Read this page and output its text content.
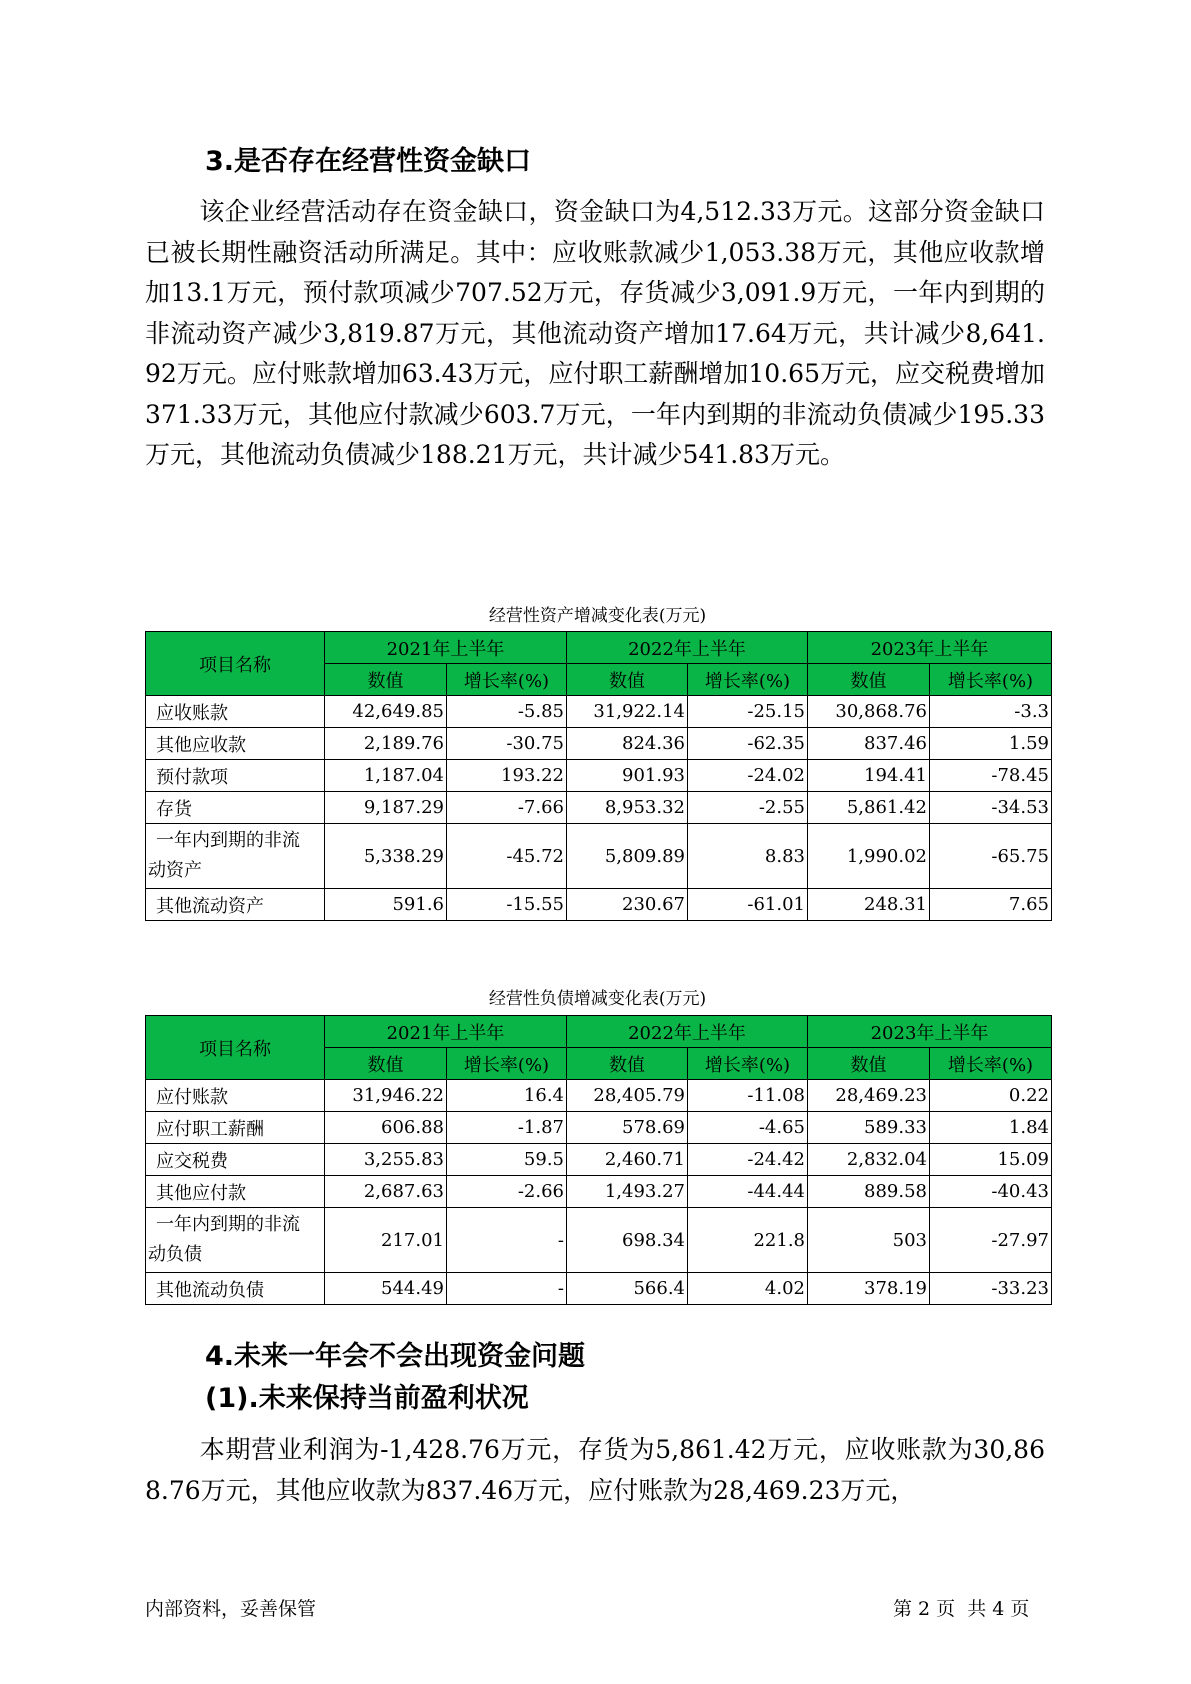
3.是否存在经营性资金缺口

该企业经营活动存在资金缺口，资金缺口为4,512.33万元。这部分资金缺口已被长期性融资活动所满足。其中：应收账款减少1,053.38万元，其他应收款增加13.1万元，预付款项减少707.52万元，存货减少3,091.9万元，一年内到期的非流动资产减少3,819.87万元，其他流动资产增加17.64万元，共计减少8,641.92万元。应付账款增加63.43万元，应付职工薪酬增加10.65万元，应交税费增加371.33万元，其他应付款减少603.7万元，一年内到期的非流动负债减少195.33万元，其他流动负债减少188.21万元，共计减少541.83万元。

经营性资产增减变化表(万元)
项目名称	2021年上半年		2022年上半年		2023年上半年	
	数值	增长率(%)	数值	增长率(%)	数值	增长率(%)
应收账款	42,649.85	-5.85	31,922.14	-25.15	30,868.76	-3.3
其他应收款	2,189.76	-30.75	824.36	-62.35	837.46	1.59
预付款项	1,187.04	193.22	901.93	-24.02	194.41	-78.45
存货	9,187.29	-7.66	8,953.32	-2.55	5,861.42	-34.53

一年内到期的非流
动资产	5,338.29	-45.72	5,809.89	8.83	1,990.02	-65.75
其他流动资产	591.6	-15.55	230.67	-61.01	248.31	7.65
经营性负债增减变化表(万元)
项目名称	2021年上半年		2022年上半年		2023年上半年	
	数值	增长率(%)	数值	增长率(%)	数值	增长率(%)
应付账款	31,946.22	16.4	28,405.79	-11.08	28,469.23	0.22
应付职工薪酬	606.88	-1.87	578.69	-4.65	589.33	1.84
应交税费	3,255.83	59.5	2,460.71	-24.42	2,832.04	15.09
其他应付款	2,687.63	-2.66	1,493.27	-44.44	889.58	-40.43

一年内到期的非流
动负债	217.01	-	698.34	221.8	503	-27.97
其他流动负债	544.49	-	566.4	4.02	378.19	-33.23
4.未来一年会不会出现资金问题
(1).未来保持当前盈利状况

本期营业利润为-1,428.76万元，存货为5,861.42万元，应收账款为30,868.76万元，其他应收款为837.46万元，应付账款为28,469.23万元，

内部资料，妥善保管	第 2 页  共 4 页
